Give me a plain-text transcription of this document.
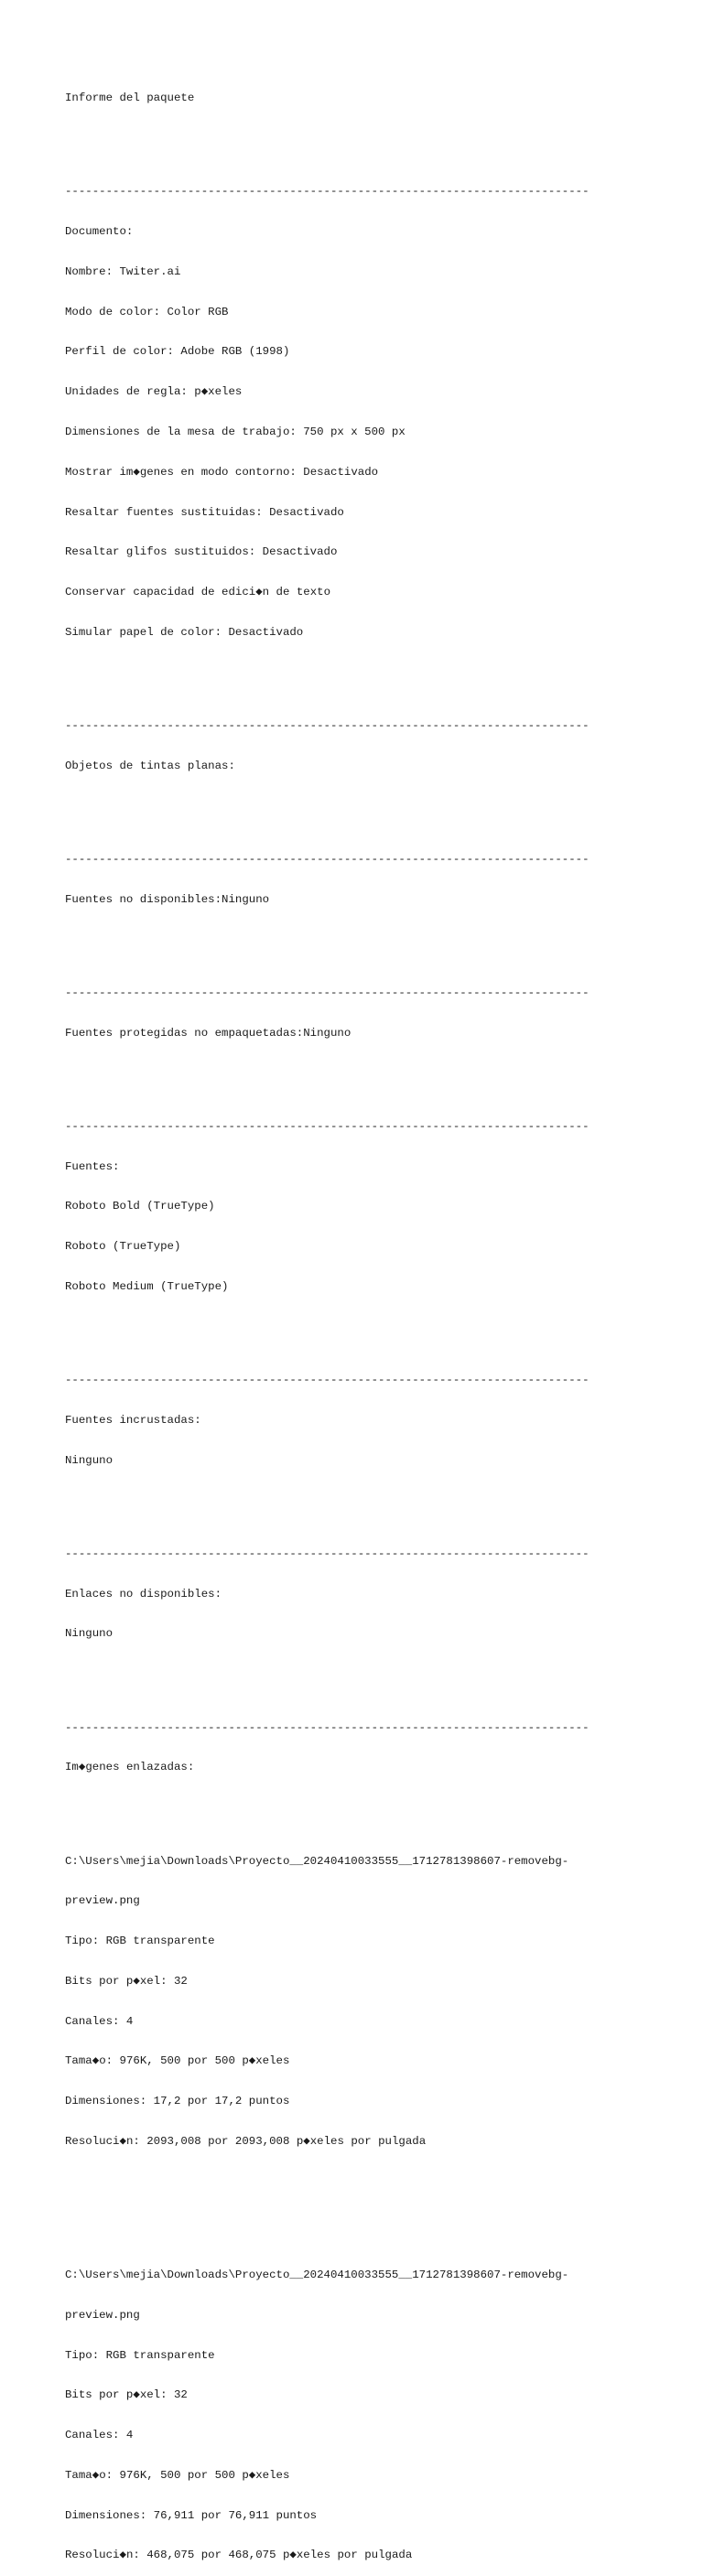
Informe del paquete

-----------------------------------------------------------------------------

Documento:

Nombre: Twiter.ai

Modo de color: Color RGB

Perfil de color: Adobe RGB (1998)

Unidades de regla: p◆xeles

Dimensiones de la mesa de trabajo: 750 px x 500 px

Mostrar im◆genes en modo contorno: Desactivado

Resaltar fuentes sustituidas: Desactivado

Resaltar glifos sustituidos: Desactivado

Conservar capacidad de edici◆n de texto

Simular papel de color: Desactivado

-----------------------------------------------------------------------------

Objetos de tintas planas:

-----------------------------------------------------------------------------

Fuentes no disponibles:Ninguno

-----------------------------------------------------------------------------

Fuentes protegidas no empaquetadas:Ninguno

-----------------------------------------------------------------------------

Fuentes:

Roboto Bold (TrueType)

Roboto (TrueType)

Roboto Medium (TrueType)

-----------------------------------------------------------------------------

Fuentes incrustadas:

Ninguno

-----------------------------------------------------------------------------

Enlaces no disponibles:

Ninguno

-----------------------------------------------------------------------------

Im◆genes enlazadas:

C:\Users\mejia\Downloads\Proyecto__20240410033555__1712781398607-removebg-

preview.png

Tipo: RGB transparente

Bits por p◆xel: 32

Canales: 4

Tama◆o: 976K, 500 por 500 p◆xeles

Dimensiones: 17,2 por 17,2 puntos

Resoluci◆n: 2093,008 por 2093,008 p◆xeles por pulgada

C:\Users\mejia\Downloads\Proyecto__20240410033555__1712781398607-removebg-

preview.png

Tipo: RGB transparente

Bits por p◆xel: 32

Canales: 4

Tama◆o: 976K, 500 por 500 p◆xeles

Dimensiones: 76,911 por 76,911 puntos

Resoluci◆n: 468,075 por 468,075 p◆xeles por pulgada
